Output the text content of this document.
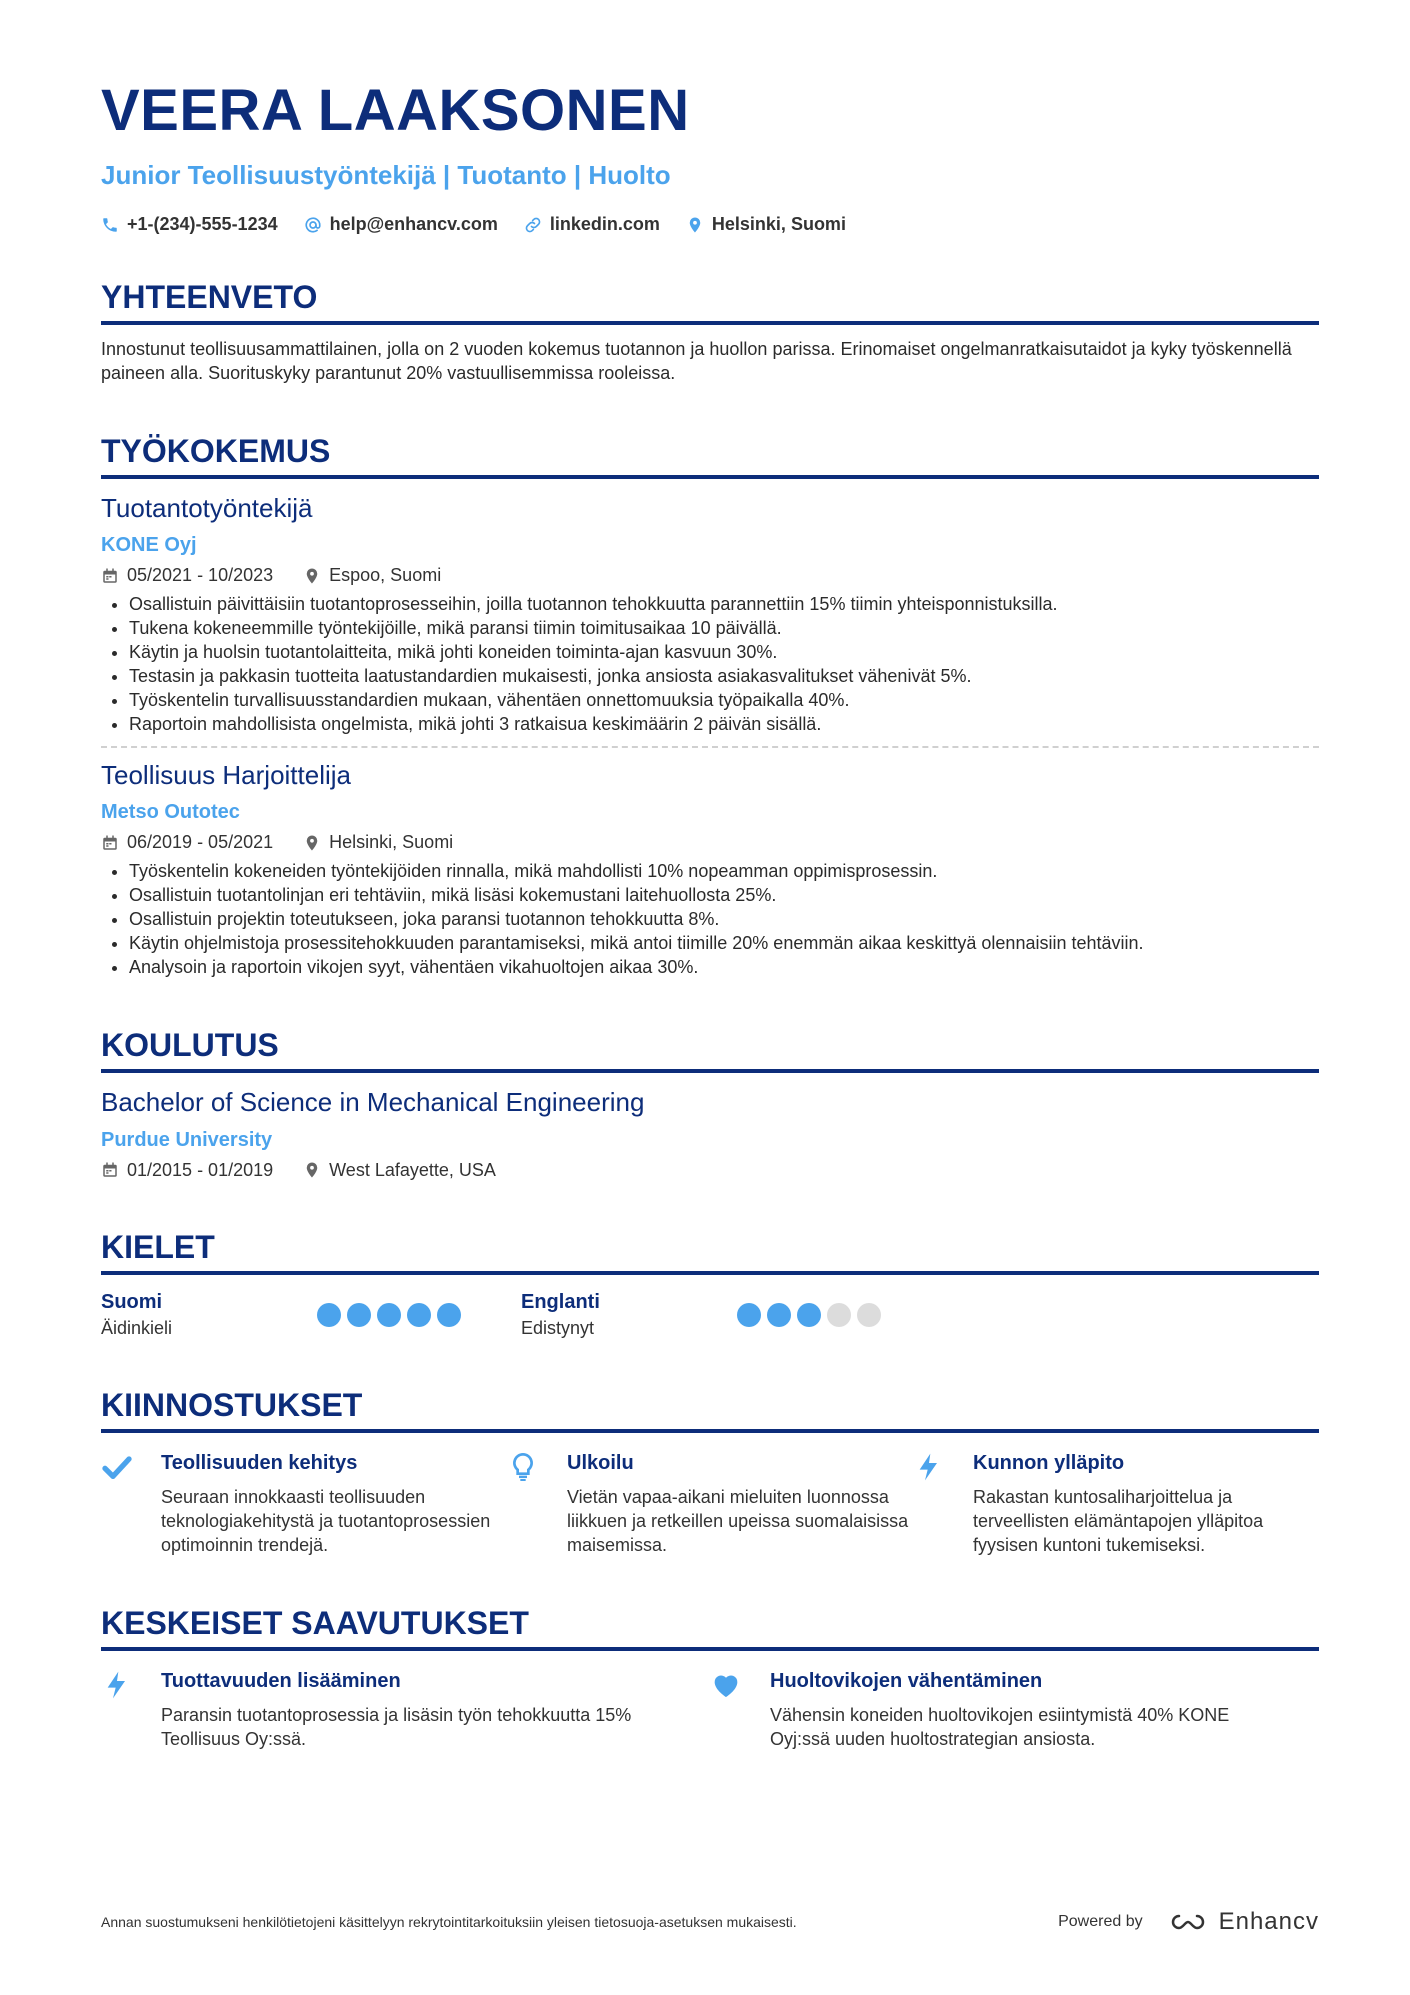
VEERA LAAKSONEN
Junior Teollisuustyöntekijä | Tuotanto | Huolto
+1-(234)-555-1234	help@enhancv.com	linkedin.com	Helsinki, Suomi
YHTEENVETO
Innostunut teollisuusammattilainen, jolla on 2 vuoden kokemus tuotannon ja huollon parissa. Erinomaiset ongelmanratkaisutaidot ja kyky työskennellä paineen alla. Suorituskyky parantunut 20% vastuullisemmissa rooleissa.
TYÖKOKEMUS
Tuotantotyöntekijä
KONE Oyj
05/2021 - 10/2023	Espoo, Suomi
• Osallistuin päivittäisiin tuotantoprosesseihin, joilla tuotannon tehokkuutta parannettiin 15% tiimin yhteisponnistuksilla.
• Tukena kokeneemmille työntekijöille, mikä paransi tiimin toimitusaikaa 10 päivällä.
• Käytin ja huolsin tuotantolaitteita, mikä johti koneiden toiminta-ajan kasvuun 30%.
• Testasin ja pakkasin tuotteita laatustandardien mukaisesti, jonka ansiosta asiakasvalitukset vähenivät 5%.
• Työskentelin turvallisuusstandardien mukaan, vähentäen onnettomuuksia työpaikalla 40%.
• Raportoin mahdollisista ongelmista, mikä johti 3 ratkaisua keskimäärin 2 päivän sisällä.
Teollisuus Harjoittelija
Metso Outotec
06/2019 - 05/2021	Helsinki, Suomi
• Työskentelin kokeneiden työntekijöiden rinnalla, mikä mahdollisti 10% nopeamman oppimisprosessin.
• Osallistuin tuotantolinjan eri tehtäviin, mikä lisäsi kokemustani laitehuollosta 25%.
• Osallistuin projektin toteutukseen, joka paransi tuotannon tehokkuutta 8%.
• Käytin ohjelmistoja prosessitehokkuuden parantamiseksi, mikä antoi tiimille 20% enemmän aikaa keskittyä olennaisiin tehtäviin.
• Analysoin ja raportoin vikojen syyt, vähentäen vikahuoltojen aikaa 30%.
KOULUTUS
Bachelor of Science in Mechanical Engineering
Purdue University
01/2015 - 01/2019	West Lafayette, USA
KIELET
Suomi
Äidinkieli
Englanti
Edistynyt
KIINNOSTUKSET
Teollisuuden kehitys
Seuraan innokkaasti teollisuuden teknologiakehitystä ja tuotantoprosessien optimoinnin trendejä.
Ulkoilu
Vietän vapaa-aikani mieluiten luonnossa liikkuen ja retkeillen upeissa suomalaisissa maisemissa.
Kunnon ylläpito
Rakastan kuntosaliharjoittelua ja terveellisten elämäntapojen ylläpitoa fyysisen kuntoni tukemiseksi.
KESKEISET SAAVUTUKSET
Tuottavuuden lisääminen
Paransin tuotantoprosessia ja lisäsin työn tehokkuutta 15% Teollisuus Oy:ssä.
Huoltovikojen vähentäminen
Vähensin koneiden huoltovikojen esiintymistä 40% KONE Oyj:ssä uuden huoltostrategian ansiosta.
Annan suostumukseni henkilötietojeni käsittelyyn rekrytointitarkoituksiin yleisen tietosuoja-asetuksen mukaisesti.	Powered by	Enhancv
